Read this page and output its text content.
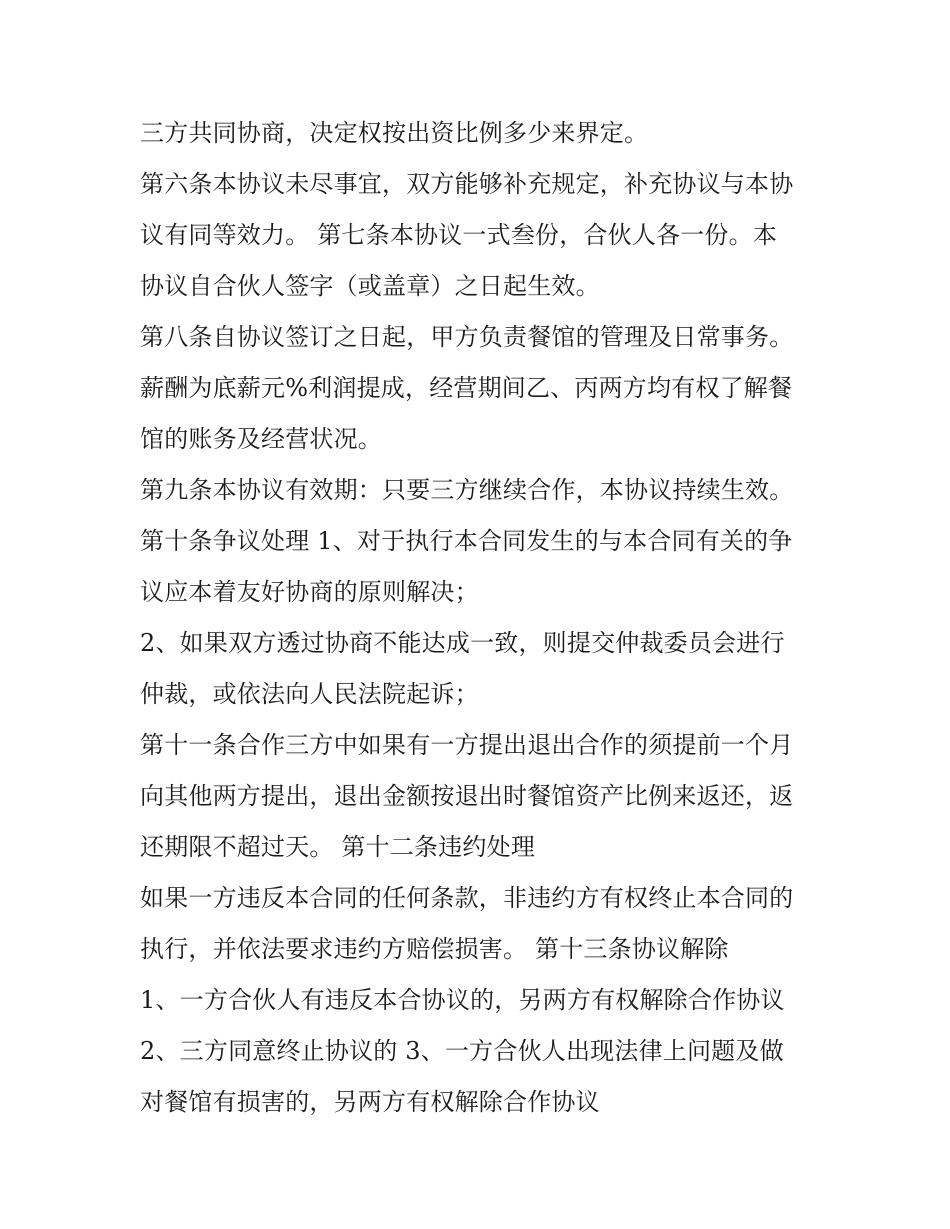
三方共同协商，决定权按出资比例多少来界定。
第六条本协议未尽事宜，双方能够补充规定，补充协议与本协
议有同等效力。 第七条本协议一式叁份，合伙人各一份。本
协议自合伙人签字（或盖章）之日起生效。
第八条自协议签订之日起，甲方负责餐馆的管理及日常事务。
薪酬为底薪元%利润提成，经营期间乙、丙两方均有权了解餐
馆的账务及经营状况。
第九条本协议有效期：只要三方继续合作，本协议持续生效。
第十条争议处理 1、对于执行本合同发生的与本合同有关的争
议应本着友好协商的原则解决；
2、如果双方透过协商不能达成一致，则提交仲裁委员会进行
仲裁，或依法向人民法院起诉；
第十一条合作三方中如果有一方提出退出合作的须提前一个月
向其他两方提出，退出金额按退出时餐馆资产比例来返还，返
还期限不超过天。 第十二条违约处理
如果一方违反本合同的任何条款，非违约方有权终止本合同的
执行，并依法要求违约方赔偿损害。 第十三条协议解除
1、一方合伙人有违反本合协议的，另两方有权解除合作协议
2、三方同意终止协议的 3、一方合伙人出现法律上问题及做
对餐馆有损害的，另两方有权解除合作协议
